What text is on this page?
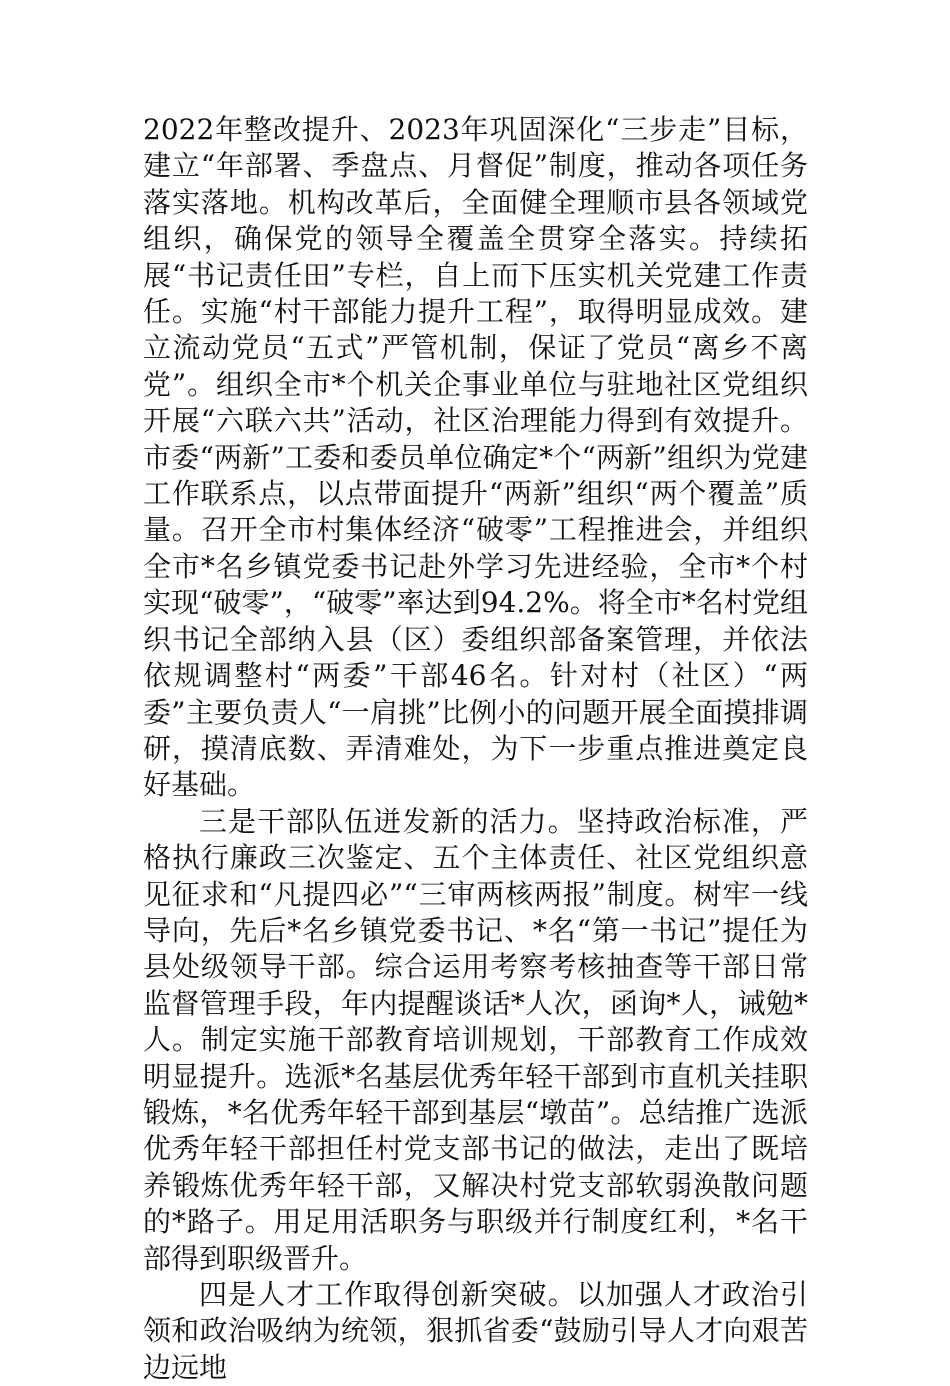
2022年整改提升、2023年巩固深化“三步走”目标，建立“年部署、季盘点、月督促”制度，推动各项任务落实落地。机构改革后，全面健全理顺市县各领域党组织，确保党的领导全覆盖全贯穿全落实。持续拓展“书记责任田”专栏，自上而下压实机关党建工作责任。实施“村干部能力提升工程”，取得明显成效。建立流动党员“五式”严管机制，保证了党员“离乡不离党”。组织全市*个机关企事业单位与驻地社区党组织开展“六联六共”活动，社区治理能力得到有效提升。市委“两新”工委和委员单位确定*个“两新”组织为党建工作联系点，以点带面提升“两新”组织“两个覆盖”质量。召开全市村集体经济“破零”工程推进会，并组织全市*名乡镇党委书记赴外学习先进经验，全市*个村实现“破零”，“破零”率达到94.2%。将全市*名村党组织书记全部纳入县（区）委组织部备案管理，并依法依规调整村“两委”干部46名。针对村（社区）“两委”主要负责人“一肩挑”比例小的问题开展全面摸排调研，摸清底数、弄清难处，为下一步重点推进奠定良好基础。

三是干部队伍迸发新的活力。坚持政治标准，严格执行廉政三次鉴定、五个主体责任、社区党组织意见征求和“凡提四必”“三审两核两报”制度。树牢一线导向，先后*名乡镇党委书记、*名“第一书记”提任为县处级领导干部。综合运用考察考核抽查等干部日常监督管理手段，年内提醒谈话*人次，函询*人，诫勉*人。制定实施干部教育培训规划，干部教育工作成效明显提升。选派*名基层优秀年轻干部到市直机关挂职锻炼，*名优秀年轻干部到基层“墩苗”。总结推广选派优秀年轻干部担任村党支部书记的做法，走出了既培养锻炼优秀年轻干部，又解决村党支部软弱涣散问题的*路子。用足用活职务与职级并行制度红利，*名干部得到职级晋升。

四是人才工作取得创新突破。以加强人才政治引领和政治吸纳为统领，狠抓省委“鼓励引导人才向艰苦边远地
